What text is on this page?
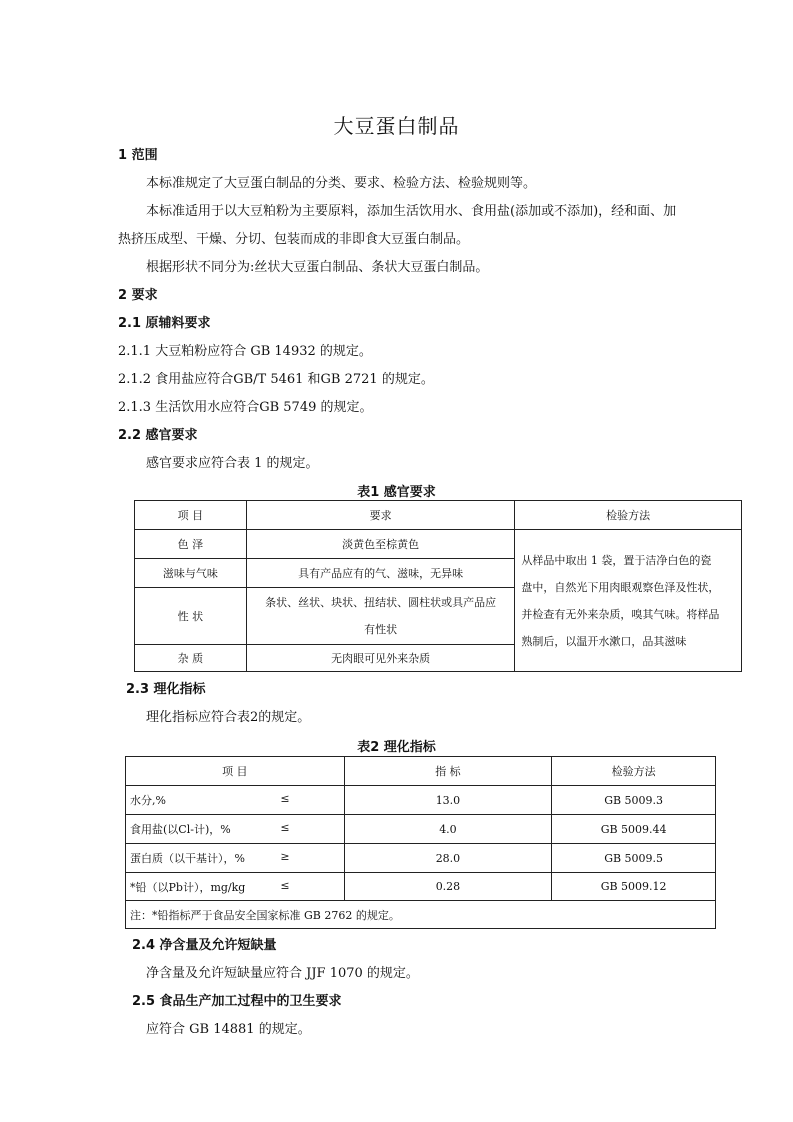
大豆蛋白制品
1 范围
本标准规定了大豆蛋白制品的分类、要求、检验方法、检验规则等。
本标准适用于以大豆粕粉为主要原料，添加生活饮用水、食用盐(添加或不添加)，经和面、加
热挤压成型、干燥、分切、包装而成的非即食大豆蛋白制品。
根据形状不同分为:丝状大豆蛋白制品、条状大豆蛋白制品。
2 要求
2.1 原辅料要求
2.1.1 大豆粕粉应符合 GB 14932 的规定。
2.1.2 食用盐应符合GB/T 5461 和GB 2721 的规定。
2.1.3 生活饮用水应符合GB 5749 的规定。
2.2 感官要求
感官要求应符合表 1 的规定。
表1 感官要求
项 目	要求	检验方法
色 泽	淡黄色至棕黄色	从样品中取出 1 袋，置于洁净白色的瓷
盘中，自然光下用肉眼观察色泽及性状，
并检查有无外来杂质，嗅其气味。将样品
熟制后，以温开水漱口，品其滋味

滋味与气味	具有产品应有的气、滋味，无异味	
性 状	条状、丝状、块状、扭结状、圆柱状或具产品应
有性状	

杂 质	无肉眼可见外来杂质	
2.3 理化指标
理化指标应符合表2的规定。
表2 理化指标
项 目	指 标	检验方法
水分,% ≤	13.0	GB 5009.3
食用盐(以Cl-计)，% ≤	4.0	GB 5009.44
蛋白质（以干基计），% ≥	28.0	GB 5009.5
*铅（以Pb计），mg/kg ≤	0.28	GB 5009.12
注：*铅指标严于食品安全国家标准 GB 2762 的规定。		
2.4 净含量及允许短缺量
净含量及允许短缺量应符合 JJF 1070 的规定。
2.5 食品生产加工过程中的卫生要求
应符合 GB 14881 的规定。
